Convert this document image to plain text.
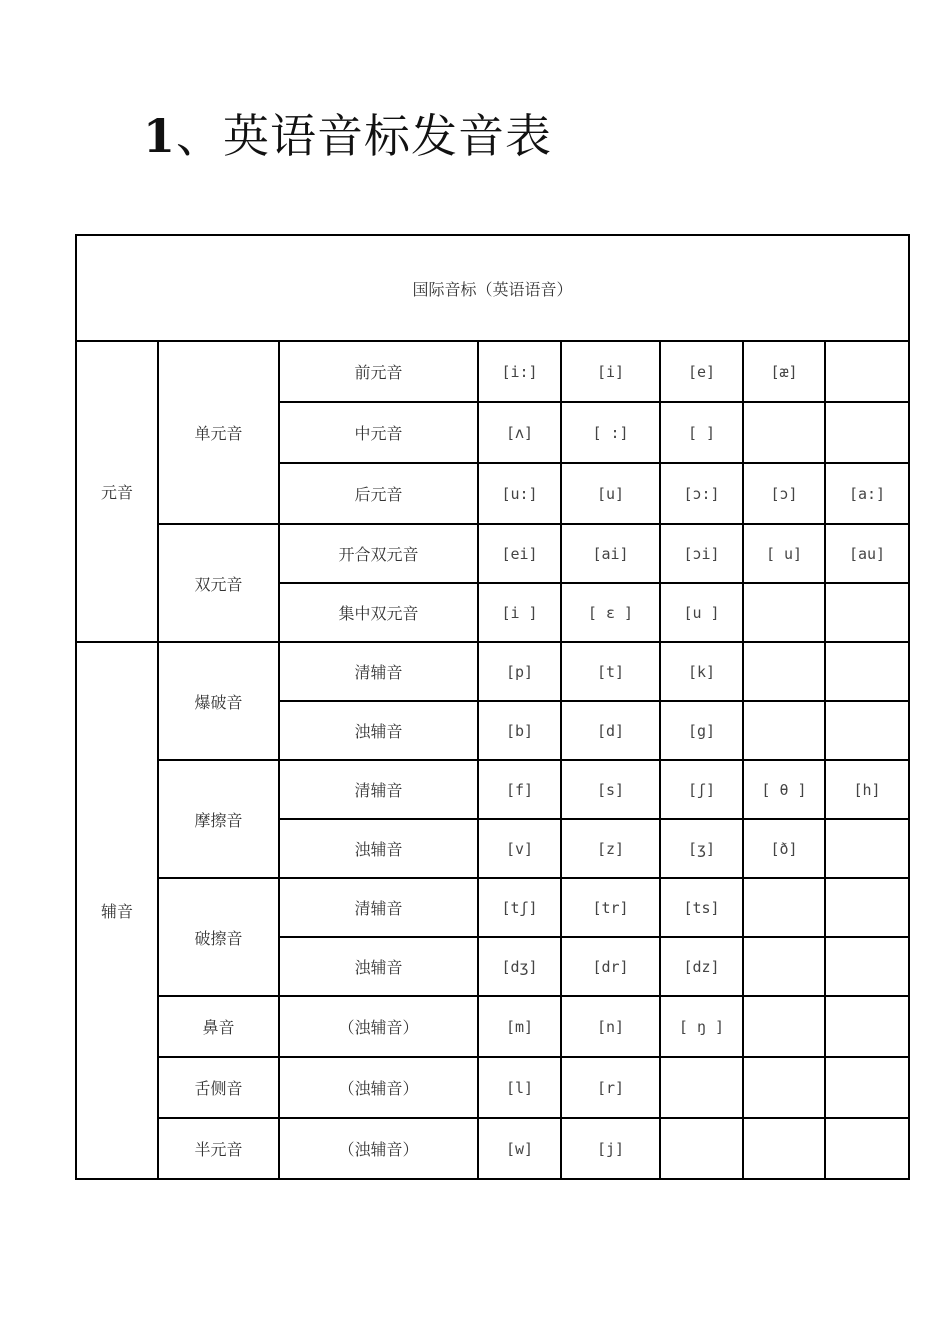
1、英语音标发音表
国际音标（英语语音）							
元音	单元音	前元音	[i:]	[i]	[e]	[æ]	
		中元音	[ʌ]	[ :]	[ ]		
		后元音	[u:]	[u]	[ɔ:]	[ɔ]	[a:]
	双元音	开合双元音	[ei]	[ai]	[ɔi]	[ u]	[au]
		集中双元音	[i ]	[ ε ]	[u ]		
辅音	爆破音	清辅音	[p]	[t]	[k]		
		浊辅音	[b]	[d]	[g]		
	摩擦音	清辅音	[f]	[s]	[ʃ]	[ θ ]	[h]
		浊辅音	[v]	[z]	[ʒ]	[ð]	
	破擦音	清辅音	[tʃ]	[tr]	[ts]		
		浊辅音	[dʒ]	[dr]	[dz]		
	鼻音	（浊辅音）	[m]	[n]	[ ŋ ]		
	舌侧音	（浊辅音）	[l]	[r]			
	半元音	（浊辅音）	[w]	[j]			
